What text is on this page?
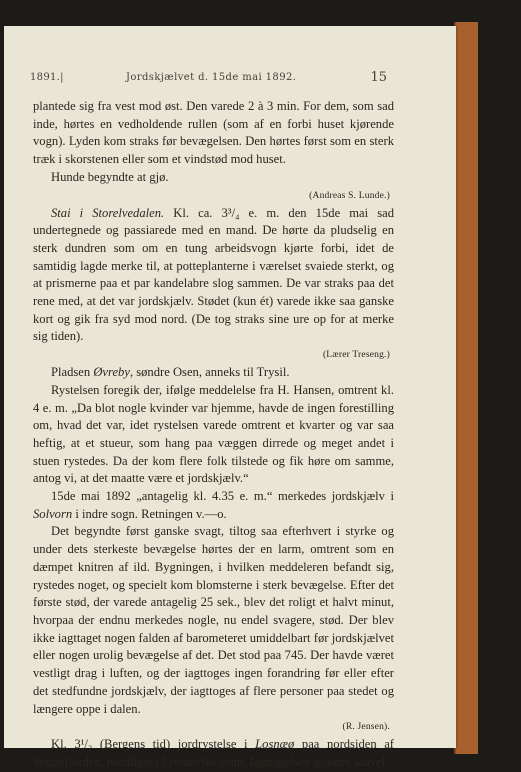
1891.|	Jordskjælvet d. 15de mai 1892.	15

plantede sig fra vest mod øst. Den varede 2 à 3 min. For dem, som sad inde, hørtes en vedholdende rullen (som af en forbi huset kjørende vogn). Lyden kom straks før bevægelsen. Den hørtes først som en sterk træk i skorstenen eller som et vindstød mod huset.

Hunde begyndte at gjø.

(Andreas S. Lunde.)

Stai i Storelvedalen. Kl. ca. 3³/₄ e. m. den 15de mai sad undertegnede og passiarede med en mand. De hørte da pludselig en sterk dundren som om en tung arbeidsvogn kjørte forbi, idet de samtidig lagde merke til, at potteplanterne i værelset svaiede sterkt, og at prismerne paa et par kandelabre slog sammen. De var straks paa det rene med, at det var jordskjælv. Stødet (kun ét) varede ikke saa ganske kort og gik fra syd mod nord. (De tog straks sine ure op for at merke sig tiden).

(Lærer Treseng.)

Pladsen Øvreby, søndre Osen, anneks til Trysil.

Rystelsen foregik der, ifølge meddelelse fra H. Hansen, omtrent kl. 4 e. m. „Da blot nogle kvinder var hjemme, havde de ingen forestilling om, hvad det var, idet rystelsen varede omtrent et kvarter og var saa heftig, at et stueur, som hang paa væggen dirrede og meget andet i stuen rystedes. Da der kom flere folk tilstede og fik høre om samme, antog vi, at det maatte være et jordskjælv.“

15de mai 1892 „antagelig kl. 4.35 e. m.“ merkedes jordskjælv i Solvorn i indre sogn. Retningen v.—o.

Det begyndte først ganske svagt, tiltog saa efterhvert i styrke og under dets sterkeste bevægelse hørtes der en larm, omtrent som en dæmpet knitren af ild. Bygningen, i hvilken meddeleren befandt sig, rystedes noget, og specielt kom blomsterne i sterk bevægelse. Efter det første stød, der varede antagelig 25 sek., blev det roligt et halvt minut, hvorpaa der endnu merkedes nogle, nu endel svagere, stød. Der blev ikke iagttaget nogen falden af barometeret umiddelbart før jordskjælvet eller nogen urolig bevægelse af det. Det stod paa 745. Der havde været vestligt drag i luften, og der iagttoges ingen forandring før eller efter det stedfundne jordskjælv, der iagttoges af flere personer paa stedet og længere oppe i dalen.

(R. Jensen).

Kl. 3¹/₂ (Bergens tid) jordrystelse i Losnæø paa nordsiden af Sognefjorden, nordligst i Eivindviks sogn. Iagttagelsen gjordes saavel
